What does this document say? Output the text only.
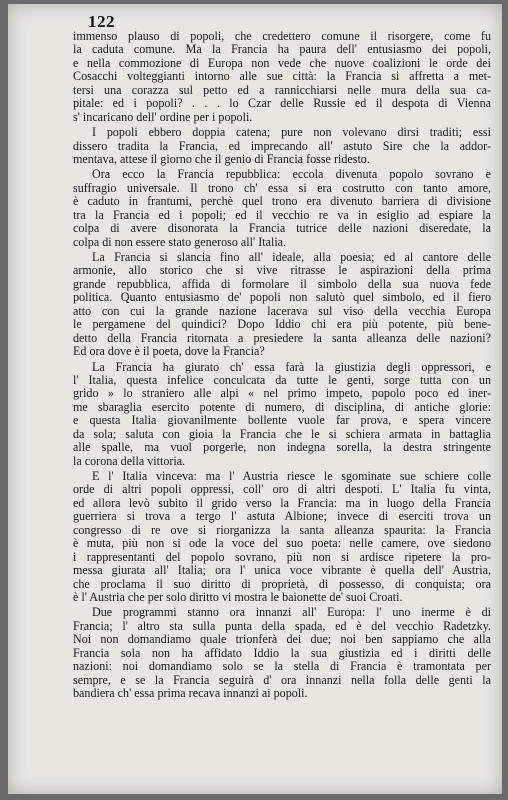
122
immenso plauso di popoli, che credettero comune il risorgere, come fu
la caduta comune. Ma la Francia ha paura dell' entusiasmo dei popoli,
e nella commozione di Europa non vede che nuove coalizioni le orde dei
Cosacchi volteggianti intorno alle sue città: la Francia si affretta a met-
tersi una corazza sul petto ed a rannicchiarsi nelle mura della sua ca-
pitale: ed i popoli? . . . lo Czar delle Russie ed il despota di Vienna
s' incaricano dell' ordine per i popoli.
I popoli ebbero doppia catena; pure non volevano dirsi traditi; essi
dissero tradita la Francia, ed imprecando all' astuto Sire che la addor-
mentava, attese il giorno che il genio di Francia fosse ridesto.
Ora ecco la Francia repubblica: eccola divenuta popolo sovrano e
suffragio universale. Il trono ch' essa si era costrutto con tanto amore,
è caduto in frantumi, perchè quel trono era divenuto barriera di divisione
tra la Francia ed i popoli; ed il vecchio re va in esiglio ad espiare la
colpa di avere disonorata la Francia tutrice delle nazioni diseredate, la
colpa di non essere stato generoso all' Italia.
La Francia si slancia fino all' ideale, alla poesia; ed al cantore delle
armonie, allo storico che si vive ritrasse le aspirazioni della prima
grande repubblica, affida di formolare il simbolo della sua nuova fede
politica. Quanto entusiasmo de' popoli non salutò quel simbolo, ed il fiero
atto con cui la grande nazione lacerava sul viso della vecchia Europa
le pergamene del quindici? Dopo Iddio chi era più potente, più bene-
detto della Francia ritornata a presiedere la santa alleanza delle nazioni?
Ed ora dove è il poeta, dove la Francia?
La Francia ha giurato ch' essa farà la giustizia degli oppressori, e
l' Italia, questa infelice conculcata da tutte le genti, sorge tutta con un
grido » lo straniero alle alpi « nel primo impeto, popolo poco ed iner-
me sbaraglia esercito potente di numero, di disciplina, di antiche glorie:
e questa Italia giovanilmente bollente vuole far prova, e spera vincere
da sola; saluta con gioia la Francia che le si schiera armata in battaglia
alle spalle, ma vuol porgerle, non indegna sorella, la destra stringente
la corona della vittoria.
E l' Italia vinceva: ma l' Austria riesce le sgominate sue schiere colle
orde di altri popoli oppressi, coll' oro di altri despoti. L' Italia fu vinta,
ed allora levò subito il grido verso la Francia: ma in luogo della Francia
guerriera si trova a tergo l' astuta Albione; invece di eserciti trova un
congresso di re ove si riorganizza la santa alleanza spaurita: la Francia
è muta, più non si ode la voce del suo poeta: nelle camere, ove siedono
i rappresentanti del popolo sovrano, più non si ardisce ripetere la pro-
messa giurata all' Italia; ora l' unica voce vibrante è quella dell' Austria,
che proclama il suo diritto di proprietà, di possesso, di conquista; ora
è l' Austria che per solo diritto vi mostra le baionette de' suoi Croati.
Due programmi stanno ora innanzi all' Europa: l' uno inerme è di
Francia; l' altro sta sulla punta della spada, ed è del vecchio Radetzky.
Noi non domandiamo quale trionferà dei due; noi ben sappiamo che alla
Francia sola non ha affidato Iddio la sua giustizia ed i diritti delle
nazioni: noi domandiamo solo se la stella di Francia è tramontata per
sempre, e se la Francia seguirà d' ora innanzi nella folla delle genti la
bandiera ch' essa prima recava innanzi ai popoli.
